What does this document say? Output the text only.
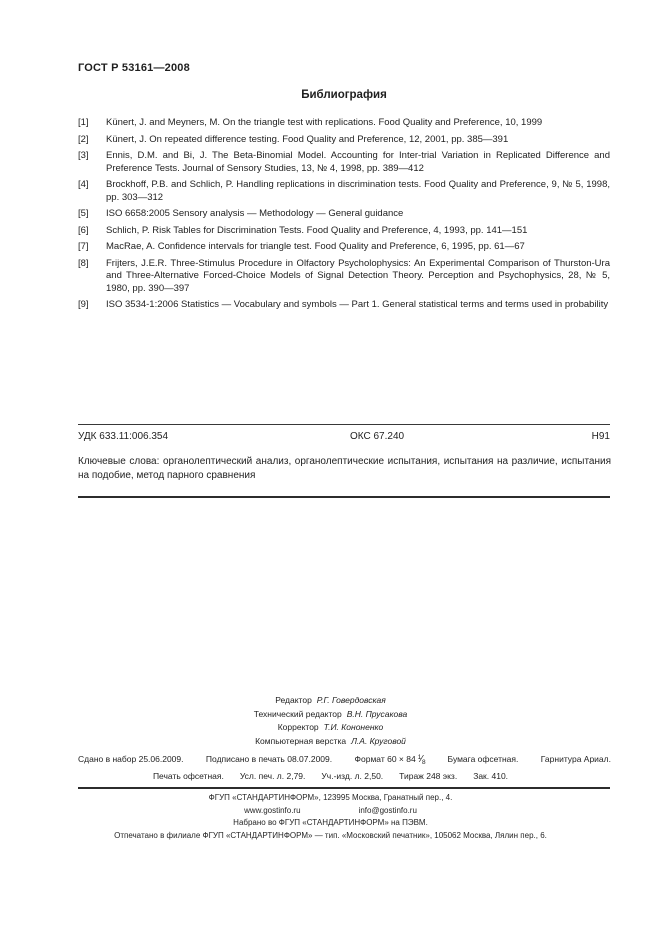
ГОСТ Р 53161—2008
Библиография
[1]	Künert, J. and Meyners, M. On the triangle test with replications. Food Quality and Preference, 10, 1999
[2]	Künert, J. On repeated difference testing. Food Quality and Preference, 12, 2001, pp. 385—391
[3]	Ennis, D.M. and Bi, J. The Beta-Binomial Model. Accounting for Inter-trial Variation in Replicated Difference and Preference Tests. Journal of Sensory Studies, 13, № 4, 1998, pp. 389—412
[4]	Brockhoff, P.B. and Schlich, P. Handling replications in discrimination tests. Food Quality and Preference, 9, № 5, 1998, pp. 303—312
[5]	ISO 6658:2005 Sensory analysis — Methodology — General guidance
[6]	Schlich, P. Risk Tables for Discrimination Tests. Food Quality and Preference, 4, 1993, pp. 141—151
[7]	MacRae, A. Confidence intervals for triangle test. Food Quality and Preference, 6, 1995, pp. 61—67
[8]	Frijters, J.E.R. Three-Stimulus Procedure in Olfactory Psycholophysics: An Experimental Comparison of Thurston-Ura and Three-Alternative Forced-Choice Models of Signal Detection Theory. Perception and Psychophysics, 28, № 5, 1980, pp. 390—397
[9]	ISO 3534-1:2006 Statistics — Vocabulary and symbols — Part 1. General statistical terms and terms used in probability
УДК 633.11:006.354	ОКС 67.240	Н91
Ключевые слова: органолептический анализ, органолептические испытания, испытания на различие, испытания на подобие, метод парного сравнения
Редактор Р.Г. Говердовская
Технический редактор В.Н. Прусакова
Корректор Т.И. Кононенко
Компьютерная верстка Л.А. Круговой
Сдано в набор 25.06.2009.	Подписано в печать 08.07.2009.	Формат 60 × 84 $^1⁄_8$	Бумага офсетная.	Гарнитура Ариал.
Печать офсетная. Усл. печ. л. 2,79. Уч.-изд. л. 2,50. Тираж 248 экз. Зак. 410.
ФГУП «СТАНДАРТИНФОРМ», 123995 Москва, Гранатный пер., 4.
www.gostinfo.ru	info@gostinfo.ru
Набрано во ФГУП «СТАНДАРТИНФОРМ» на ПЭВМ.
Отпечатано в филиале ФГУП «СТАНДАРТИНФОРМ» — тип. «Московский печатник», 105062 Москва, Лялин пер., 6.
